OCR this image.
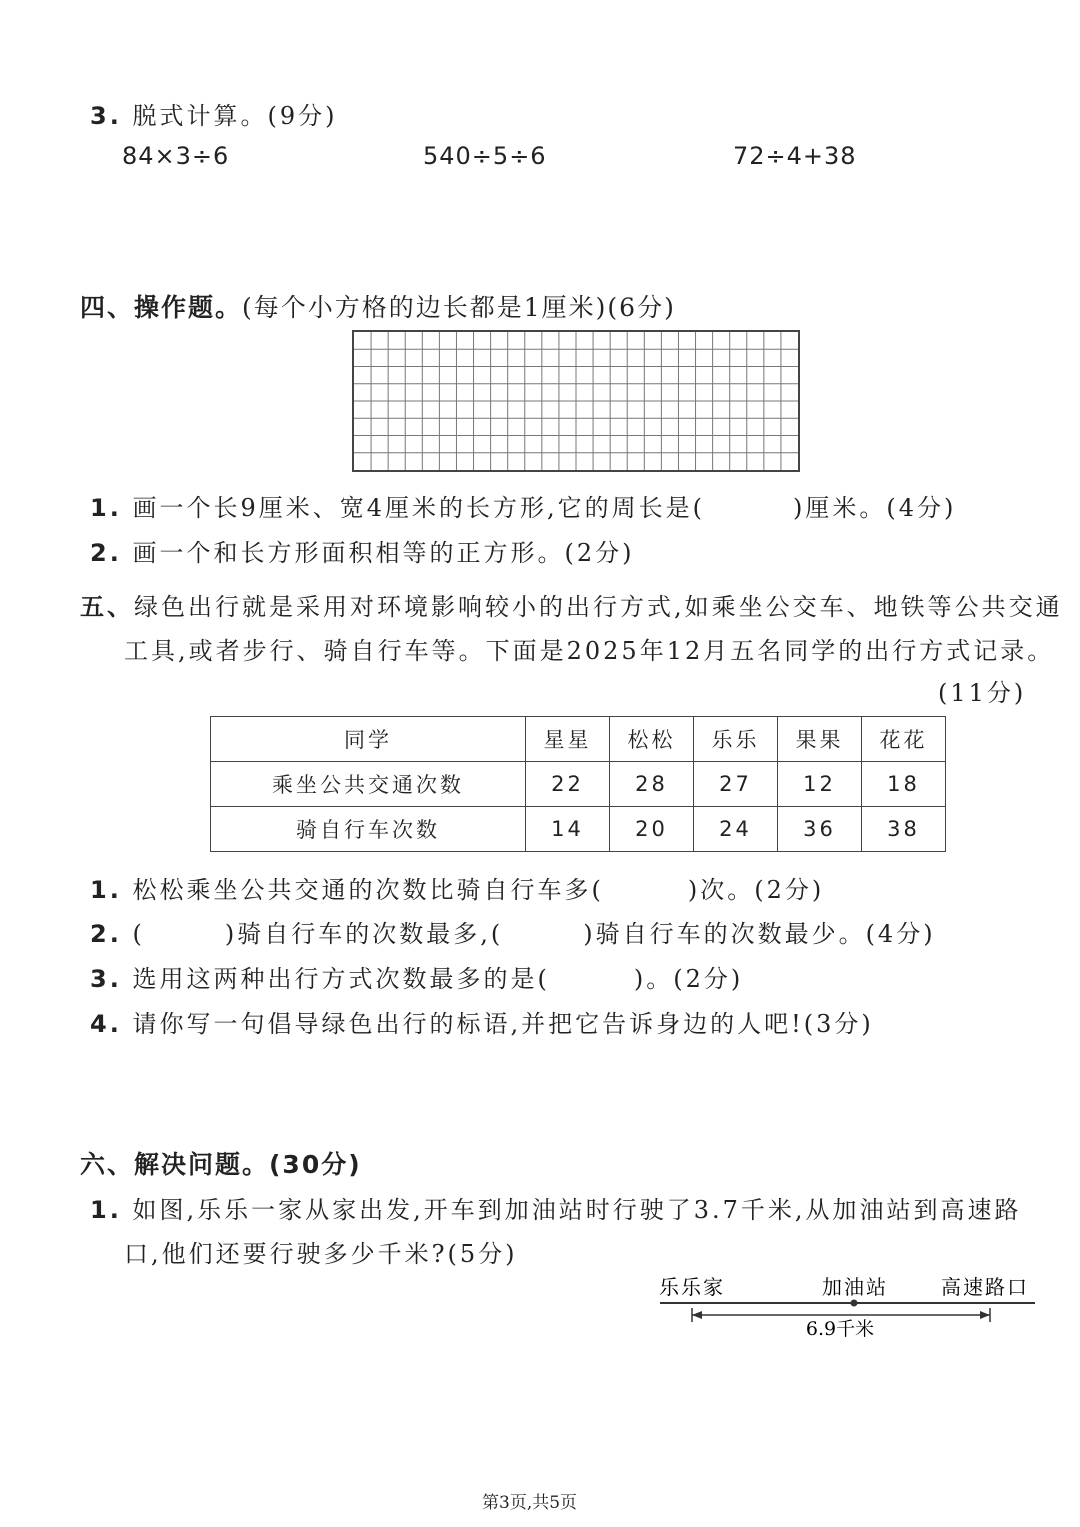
3. 脱式计算。(9分)
84×3÷6	540÷5÷6	72÷4+38
四、操作题。(每个小方格的边长都是1厘米)(6分)
1. 画一个长9厘米、宽4厘米的长方形,它的周长是(	)厘米。(4分)
2. 画一个和长方形面积相等的正方形。(2分)
五、绿色出行就是采用对环境影响较小的出行方式,如乘坐公交车、地铁等公共交通
工具,或者步行、骑自行车等。下面是2025年12月五名同学的出行方式记录。
(11分)
同学	星星	松松	乐乐	果果	花花
乘坐公共交通次数	22	28	27	12	18
骑自行车次数	14	20	24	36	38
1. 松松乘坐公共交通的次数比骑自行车多(	)次。(2分)
2. (	)骑自行车的次数最多,(	)骑自行车的次数最少。(4分)
3. 选用这两种出行方式次数最多的是(	)。(2分)
4. 请你写一句倡导绿色出行的标语,并把它告诉身边的人吧!(3分)
六、解决问题。(30分)
1. 如图,乐乐一家从家出发,开车到加油站时行驶了3.7千米,从加油站到高速路
口,他们还要行驶多少千米?(5分)
乐乐家	加油站	高速路口
6.9千米
第3页,共5页
